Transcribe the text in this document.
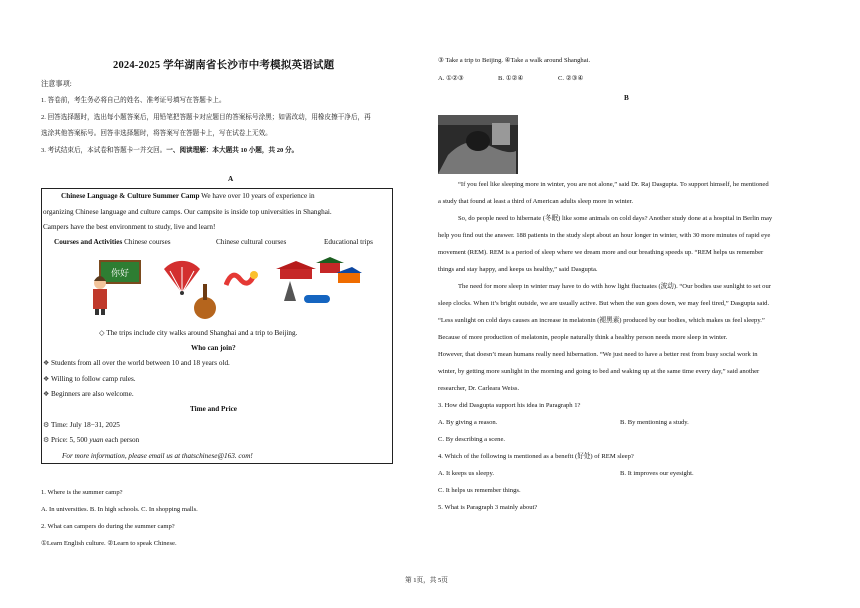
2024-2025 学年湖南省长沙市中考模拟英语试题
注意事项:
1. 答卷前，考生务必将自己的姓名、准考证号填写在答题卡上。
2. 回答选择题时，选出每小题答案后，用铅笔把答题卡对应题目的答案标号涂黑；如需改动，用橡皮擦干净后，再
选涂其他答案标号。回答非选择题时，将答案写在答题卡上，写在试卷上无效。
3. 考试结束后，本试卷和答题卡一并交回。一、阅读理解：本大题共 10 小题，共 20 分。
A
Chinese Language & Culture Summer Camp We have over 10 years of experience in
organizing Chinese language and culture camps. Our campsite is inside top universities in Shanghai.
Campers have the best environment to study, live and learn!
Courses and Activities Chinese courses	Chinese cultural courses	Educational trips
你好
◇ The trips include city walks around Shanghai and a trip to Beijing.
Who can join?
❖ Students from all over the world between 10 and 18 years old.
❖ Willing to follow camp rules.
❖ Beginners are also welcome.
Time and Price
⚙ Time: July 18−31, 2025
⚙ Price: 5, 500 yuan each person
For more information, please email us at thatschinese@163. com!
1. Where is the summer camp?
A. In universities. B. In high schools. C. In shopping malls.
2. What can campers do during the summer camp?
①Learn English culture. ②Learn to speak Chinese.
③ Take a trip to Beijing. ④Take a walk around Shanghai.
A. ①②③	B. ①②④	C. ②③④
B
“If you feel like sleeping more in winter, you are not alone,” said Dr. Raj Dasgupta. To support himself, he mentioned
a study that found at least a third of American adults sleep more in winter.
So, do people need to hibernate (冬眠) like some animals on cold days? Another study done at a hospital in Berlin may
help you find out the answer. 188 patients in the study slept about an hour longer in winter, with 30 more minutes of rapid eye
movement (REM). REM is a period of sleep where we dream more and our breathing speeds up. “REM helps us remember
things and stay happy, and keeps us healthy,” said Dasgupta.
The need for more sleep in winter may have to do with how light fluctuates (波动). “Our bodies use sunlight to set our
sleep clocks. When it’s bright outside, we are usually active. But when the sun goes down, we may feel tired,” Dasgupta said.
“Less sunlight on cold days causes an increase in melatonin (褪黑素) produced by our bodies, which makes us feel sleepy.”
Because of more production of melatonin, people naturally think a healthy person needs more sleep in winter.
However, that doesn’t mean humans really need hibernation. “We just need to have a better rest from busy social work in
winter, by getting more sunlight in the morning and going to bed and waking up at the same time every day,” said another
researcher, Dr. Carleara Weiss.
3. How did Dasgupta support his idea in Paragraph 1?
A. By giving a reason.	B. By mentioning a study.
C. By describing a scene.
4. Which of the following is mentioned as a benefit (好处) of REM sleep?
A. It keeps us sleepy.	B. It improves our eyesight.
C. It helps us remember things.
5. What is Paragraph 3 mainly about?
第 1页，共 5页
